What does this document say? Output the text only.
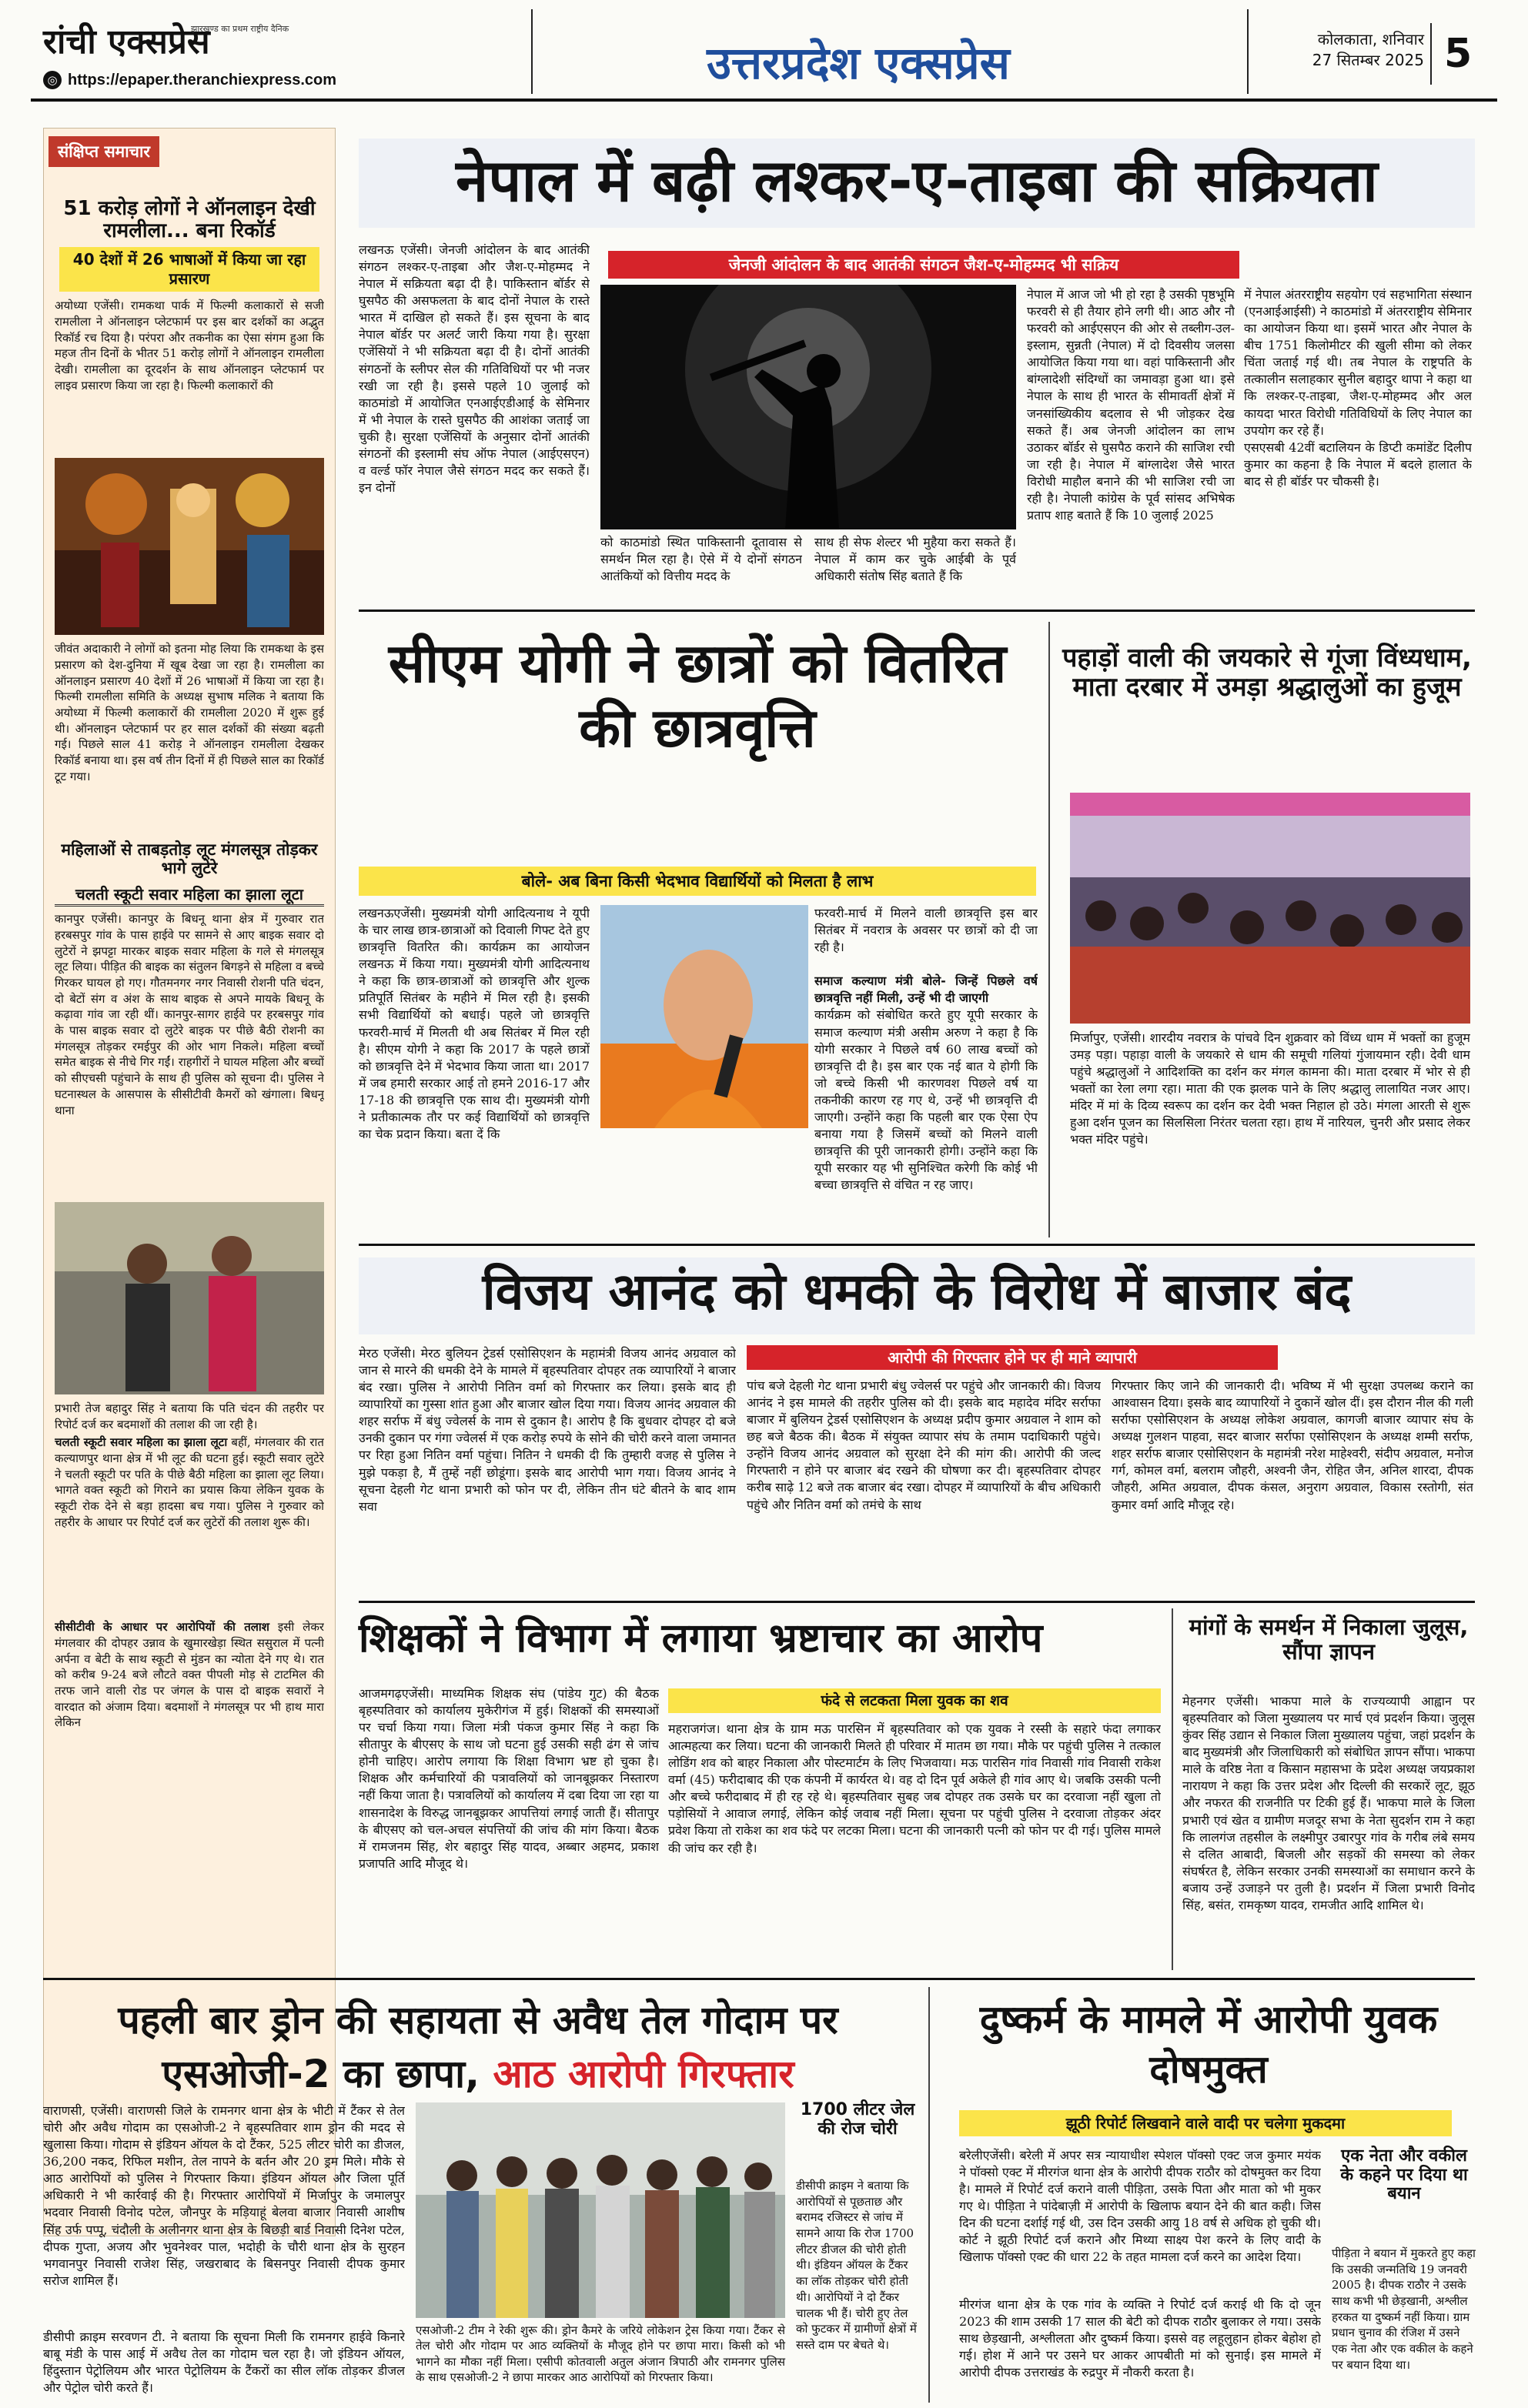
रांची एक्सप्रेस
झारखण्ड का प्रथम राष्ट्रीय दैनिक
◎ https://epaper.theranchiexpress.com	उत्तरप्रदेश एक्सप्रेस	कोलकाता, शनिवार
27 सितम्बर 2025 5
संक्षिप्त समाचार
51 करोड़ लोगों ने ऑनलाइन देखी रामलीला... बना रिकॉर्ड
40 देशों में 26 भाषाओं में किया जा रहा प्रसारण
अयोध्या एजेंसी। रामकथा पार्क में फिल्मी कलाकारों से सजी रामलीला ने ऑनलाइन प्लेटफार्म पर इस बार दर्शकों का अद्भुत रिकॉर्ड रच दिया है। परंपरा और तकनीक का ऐसा संगम हुआ कि महज तीन दिनों के भीतर 51 करोड़ लोगों ने ऑनलाइन रामलीला देखी। रामलीला का दूरदर्शन के साथ ऑनलाइन प्लेटफार्म पर लाइव प्रसारण किया जा रहा है। फिल्मी कलाकारों की
जीवंत अदाकारी ने लोगों को इतना मोह लिया कि रामकथा के इस प्रसारण को देश-दुनिया में खूब देखा जा रहा है। रामलीला का ऑनलाइन प्रसारण 40 देशों में 26 भाषाओं में किया जा रहा है। फिल्मी रामलीला समिति के अध्यक्ष सुभाष मलिक ने बताया कि अयोध्या में फिल्मी कलाकारों की रामलीला 2020 में शुरू हुई थी। ऑनलाइन प्लेटफार्म पर हर साल दर्शकों की संख्या बढ़ती गई। पिछले साल 41 करोड़ ने ऑनलाइन रामलीला देखकर रिकॉर्ड बनाया था। इस वर्ष तीन दिनों में ही पिछले साल का रिकॉर्ड टूट गया।
महिलाओं से ताबड़तोड़ लूट मंगलसूत्र तोड़कर भागे लुटेरे
चलती स्कूटी सवार महिला का झाला लूटा
कानपुर एजेंसी। कानपुर के बिधनू थाना क्षेत्र में गुरुवार रात हरबसपुर गांव के पास हाईवे पर सामने से आए बाइक सवार दो लुटेरों ने झपट्टा मारकर बाइक सवार महिला के गले से मंगलसूत्र लूट लिया। पीड़ित की बाइक का संतुलन बिगड़ने से महिला व बच्चे गिरकर घायल हो गए। गौतमनगर नगर निवासी रोशनी पति चंदन, दो बेटों संग व अंश के साथ बाइक से अपने मायके बिधनू के कढ़ावा गांव जा रही थीं। कानपुर-सागर हाईवे पर हरबसपुर गांव के पास बाइक सवार दो लुटेरे बाइक पर पीछे बैठी रोशनी का मंगलसूत्र तोड़कर रमईपुर की ओर भाग निकले। महिला बच्चों समेत बाइक से नीचे गिर गईं। राहगीरों ने घायल महिला और बच्चों को सीएचसी पहुंचाने के साथ ही पुलिस को सूचना दी। पुलिस ने घटनास्थल के आसपास के सीसीटीवी कैमरों को खंगाला। बिधनू थाना
प्रभारी तेज बहादुर सिंह ने बताया कि पति चंदन की तहरीर पर रिपोर्ट दर्ज कर बदमाशों की तलाश की जा रही है।
चलती स्कूटी सवार महिला का झाला लूटा बहीं, मंगलवार की रात कल्याणपुर थाना क्षेत्र में भी लूट की घटना हुई। स्कूटी सवार लुटेरे ने चलती स्कूटी पर पति के पीछे बैठी महिला का झाला लूट लिया। भागते वक्त स्कूटी को गिराने का प्रयास किया लेकिन युवक के स्कूटी रोक देने से बड़ा हादसा बच गया। पुलिस ने गुरुवार को तहरीर के आधार पर रिपोर्ट दर्ज कर लुटेरों की तलाश शुरू की।
सीसीटीवी के आधार पर आरोपियों की तलाश इसी लेकर मंगलवार की दोपहर उन्नाव के खुमारखेड़ा स्थित ससुराल में पत्नी अर्पना व बेटी के साथ स्कूटी से मुंडन का न्योता देने गए थे। रात को करीब 9-24 बजे लौटते वक्त पीपली मोड़ से टाटमिल की तरफ जाने वाली रोड पर जंगल के पास दो बाइक सवारों ने वारदात को अंजाम दिया। बदमाशों ने मंगलसूत्र पर भी हाथ मारा लेकिन
नेपाल में बढ़ी लश्कर-ए-ताइबा की सक्रियता
जेनजी आंदोलन के बाद आतंकी संगठन जैश-ए-मोहम्मद भी सक्रिय
लखनऊ एजेंसी। जेनजी आंदोलन के बाद आतंकी संगठन लश्कर-ए-ताइबा और जैश-ए-मोहम्मद ने नेपाल में सक्रियता बढ़ा दी है। पाकिस्तान बॉर्डर से घुसपैठ की असफलता के बाद दोनों नेपाल के रास्ते भारत में दाखिल हो सकते हैं। इस सूचना के बाद नेपाल बॉर्डर पर अलर्ट जारी किया गया है। सुरक्षा एजेंसियों ने भी सक्रियता बढ़ा दी है। दोनों आतंकी संगठनों के स्लीपर सेल की गतिविधियों पर भी नजर रखी जा रही है। इससे पहले 10 जुलाई को काठमांडो में आयोजित एनआईएडीआई के सेमिनार में भी नेपाल के रास्ते घुसपैठ की आशंका जताई जा चुकी है। सुरक्षा एजेंसियों के अनुसार दोनों आतंकी संगठनों की इस्लामी संघ ऑफ नेपाल (आईएसएन) व वर्ल्ड फॉर नेपाल जैसे संगठन मदद कर सकते हैं। इन दोनों
को काठमांडो स्थित पाकिस्तानी दूतावास से समर्थन मिल रहा है। ऐसे में ये दोनों संगठन आतंकियों को वित्तीय मदद के
साथ ही सेफ शेल्टर भी मुहैया करा सकते हैं। नेपाल में काम कर चुके आईबी के पूर्व अधिकारी संतोष सिंह बताते हैं कि
नेपाल में आज जो भी हो रहा है उसकी पृष्ठभूमि फरवरी से ही तैयार होने लगी थी। आठ और नौ फरवरी को आईएसएन की ओर से तब्लीग-उल-इस्लाम, सुन्नती (नेपाल) में दो दिवसीय जलसा आयोजित किया गया था। वहां पाकिस्तानी और बांग्लादेशी संदिग्धों का जमावड़ा हुआ था। इसे नेपाल के साथ ही भारत के सीमावर्ती क्षेत्रों में जनसांख्यिकीय बदलाव से भी जोड़कर देख सकते हैं। अब जेनजी आंदोलन का लाभ उठाकर बॉर्डर से घुसपैठ कराने की साजिश रची जा रही है। नेपाल में बांग्लादेश जैसे भारत विरोधी माहौल बनाने की भी साजिश रची जा रही है। नेपाली कांग्रेस के पूर्व सांसद अभिषेक प्रताप शाह बताते हैं कि 10 जुलाई 2025
में नेपाल अंतरराष्ट्रीय सहयोग एवं सहभागिता संस्थान (एनआईआईसी) ने काठमांडो में अंतरराष्ट्रीय सेमिनार का आयोजन किया था। इसमें भारत और नेपाल के बीच 1751 किलोमीटर की खुली सीमा को लेकर चिंता जताई गई थी। तब नेपाल के राष्ट्रपति के तत्कालीन सलाहकार सुनील बहादुर थापा ने कहा था कि लश्कर-ए-ताइबा, जैश-ए-मोहम्मद और अल कायदा भारत विरोधी गतिविधियों के लिए नेपाल का उपयोग कर रहे हैं।
एसएसबी 42वीं बटालियन के डिप्टी कमांडेंट दिलीप कुमार का कहना है कि नेपाल में बदले हालात के बाद से ही बॉर्डर पर चौकसी है।
सीएम योगी ने छात्रों को वितरित की छात्रवृत्ति
बोले- अब बिना किसी भेदभाव विद्यार्थियों को मिलता है लाभ
लखनऊएजेंसी। मुख्यमंत्री योगी आदित्यनाथ ने यूपी के चार लाख छात्र-छात्राओं को दिवाली गिफ्ट देते हुए छात्रवृत्ति वितरित की। कार्यक्रम का आयोजन लखनऊ में किया गया। मुख्यमंत्री योगी आदित्यनाथ ने कहा कि छात्र-छात्राओं को छात्रवृत्ति और शुल्क प्रतिपूर्ति सितंबर के महीने में मिल रही है। इसकी सभी विद्यार्थियों को बधाई। पहले जो छात्रवृत्ति फरवरी-मार्च में मिलती थी अब सितंबर में मिल रही है। सीएम योगी ने कहा कि 2017 के पहले छात्रों को छात्रवृत्ति देने में भेदभाव किया जाता था। 2017 में जब हमारी सरकार आई तो हमने 2016-17 और 17-18 की छात्रवृत्ति एक साथ दी। मुख्यमंत्री योगी ने प्रतीकात्मक तौर पर कई विद्यार्थियों को छात्रवृत्ति का चेक प्रदान किया। बता दें कि
फरवरी-मार्च में मिलने वाली छात्रवृत्ति इस बार सितंबर में नवरात्र के अवसर पर छात्रों को दी जा रही है।

समाज कल्याण मंत्री बोले- जिन्हें पिछले वर्ष छात्रवृत्ति नहीं मिली, उन्हें भी दी जाएगी
कार्यक्रम को संबोधित करते हुए यूपी सरकार के समाज कल्याण मंत्री असीम अरुण ने कहा है कि योगी सरकार ने पिछले वर्ष 60 लाख बच्चों को छात्रवृत्ति दी है। इस बार एक नई बात ये होगी कि जो बच्चे किसी भी कारणवश पिछले वर्ष या तकनीकी कारण रह गए थे, उन्हें भी छात्रवृत्ति दी जाएगी। उन्होंने कहा कि पहली बार एक ऐसा ऐप बनाया गया है जिसमें बच्चों को मिलने वाली छात्रवृत्ति की पूरी जानकारी होगी। उन्होंने कहा कि यूपी सरकार यह भी सुनिश्चित करेगी कि कोई भी बच्चा छात्रवृत्ति से वंचित न रह जाए।
पहाड़ों वाली की जयकारे से गूंजा विंध्यधाम, माता दरबार में उमड़ा श्रद्धालुओं का हुजूम
मिर्जापुर, एजेंसी। शारदीय नवरात्र के पांचवे दिन शुक्रवार को विंध्य धाम में भक्तों का हुजूम उमड़ पड़ा। पहाड़ा वाली के जयकारे से धाम की समूची गलियां गुंजायमान रही। देवी धाम पहुंचे श्रद्धालुओं ने आदिशक्ति का दर्शन कर मंगल कामना की। माता दरबार में भोर से ही भक्तों का रेला लगा रहा। माता की एक झलक पाने के लिए श्रद्धालु लालायित नजर आए। मंदिर में मां के दिव्य स्वरूप का दर्शन कर देवी भक्त निहाल हो उठे। मंगला आरती से शुरू हुआ दर्शन पूजन का सिलसिला निरंतर चलता रहा। हाथ में नारियल, चुनरी और प्रसाद लेकर भक्त मंदिर पहुंचे।
विजय आनंद को धमकी के विरोध में बाजार बंद
आरोपी की गिरफ्तार होने पर ही माने व्यापारी
मेरठ एजेंसी। मेरठ बुलियन ट्रेडर्स एसोसिएशन के महामंत्री विजय आनंद अग्रवाल को जान से मारने की धमकी देने के मामले में बृहस्पतिवार दोपहर तक व्यापारियों ने बाजार बंद रखा। पुलिस ने आरोपी नितिन वर्मा को गिरफ्तार कर लिया। इसके बाद ही व्यापारियों का गुस्सा शांत हुआ और बाजार खोल दिया गया। विजय आनंद अग्रवाल की शहर सर्राफ में बंधु ज्वेलर्स के नाम से दुकान है। आरोप है कि बुधवार दोपहर दो बजे उनकी दुकान पर गंगा ज्वेलर्स में एक करोड़ रुपये के सोने की चोरी करने वाला जमानत पर रिहा हुआ नितिन वर्मा पहुंचा। नितिन ने धमकी दी कि तुम्हारी वजह से पुलिस ने मुझे पकड़ा है, मैं तुम्हें नहीं छोडूंगा। इसके बाद आरोपी भाग गया। विजय आनंद ने सूचना देहली गेट थाना प्रभारी को फोन पर दी, लेकिन तीन घंटे बीतने के बाद शाम सवा
पांच बजे देहली गेट थाना प्रभारी बंधु ज्वेलर्स पर पहुंचे और जानकारी की। विजय आनंद ने इस मामले की तहरीर पुलिस को दी। इसके बाद महादेव मंदिर सर्राफा बाजार में बुलियन ट्रेडर्स एसोसिएशन के अध्यक्ष प्रदीप कुमार अग्रवाल ने शाम को छह बजे बैठक की। बैठक में संयुक्त व्यापार संघ के तमाम पदाधिकारी पहुंचे। उन्होंने विजय आनंद अग्रवाल को सुरक्षा देने की मांग की। आरोपी की जल्द गिरफ्तारी न होने पर बाजार बंद रखने की घोषणा कर दी। बृहस्पतिवार दोपहर करीब साढ़े 12 बजे तक बाजार बंद रखा। दोपहर में व्यापारियों के बीच अधिकारी पहुंचे और नितिन वर्मा को तमंचे के साथ
गिरफ्तार किए जाने की जानकारी दी। भविष्य में भी सुरक्षा उपलब्ध कराने का आश्वासन दिया। इसके बाद व्यापारियों ने दुकानें खोल दीं। इस दौरान नील की गली सर्राफा एसोसिएशन के अध्यक्ष लोकेश अग्रवाल, कागजी बाजार व्यापार संघ के अध्यक्ष गुलशन पाहवा, सदर बाजार सर्राफा एसोसिएशन के अध्यक्ष शम्मी सर्राफ, शहर सर्राफ बाजार एसोसिएशन के महामंत्री नरेश माहेश्वरी, संदीप अग्रवाल, मनोज गर्ग, कोमल वर्मा, बलराम जौहरी, अश्वनी जैन, रोहित जैन, अनिल शारदा, दीपक जौहरी, अमित अग्रवाल, दीपक कंसल, अनुराग अग्रवाल, विकास रस्तोगी, संत कुमार वर्मा आदि मौजूद रहे।
शिक्षकों ने विभाग में लगाया भ्रष्टाचार का आरोप
आजमगढ़एजेंसी। माध्यमिक शिक्षक संघ (पांडेय गुट) की बैठक बृहस्पतिवार को कार्यालय मुकेरीगंज में हुई। शिक्षकों की समस्याओं पर चर्चा किया गया। जिला मंत्री पंकज कुमार सिंह ने कहा कि सीतापुर के बीएसए के साथ जो घटना हुई उसकी सही ढंग से जांच होनी चाहिए। आरोप लगाया कि शिक्षा विभाग भ्रष्ट हो चुका है। शिक्षक और कर्मचारियों की पत्रावलियों को जानबूझकर निस्तारण नहीं किया जाता है। पत्रावलियों को कार्यालय में दबा दिया जा रहा या शासनादेश के विरुद्ध जानबूझकर आपत्तियां लगाई जाती हैं। सीतापुर के बीएसए को चल-अचल संपत्तियों की जांच की मांग किया। बैठक में रामजनम सिंह, शेर बहादुर सिंह यादव, अब्बार अहमद, प्रकाश प्रजापति आदि मौजूद थे।
फंदे से लटकता मिला युवक का शव
महराजगंज। थाना क्षेत्र के ग्राम मऊ पारसिन में बृहस्पतिवार को एक युवक ने रस्सी के सहारे फंदा लगाकर आत्महत्या कर लिया। घटना की जानकारी मिलते ही परिवार में मातम छा गया। मौके पर पहुंची पुलिस ने तत्काल लोडिंग शव को बाहर निकाला और पोस्टमार्टम के लिए भिजवाया। मऊ पारसिन गांव निवासी गांव निवासी राकेश वर्मा (45) फरीदाबाद की एक कंपनी में कार्यरत थे। वह दो दिन पूर्व अकेले ही गांव आए थे। जबकि उसकी पत्नी और बच्चे फरीदाबाद में ही रह रहे थे। बृहस्पतिवार सुबह जब दोपहर तक उसके घर का दरवाजा नहीं खुला तो पड़ोसियों ने आवाज लगाई, लेकिन कोई जवाब नहीं मिला। सूचना पर पहुंची पुलिस ने दरवाजा तोड़कर अंदर प्रवेश किया तो राकेश का शव फंदे पर लटका मिला। घटना की जानकारी पत्नी को फोन पर दी गई। पुलिस मामले की जांच कर रही है।
मांगों के समर्थन में निकाला जुलूस, सौंपा ज्ञापन
मेहनगर एजेंसी। भाकपा माले के राज्यव्यापी आह्वान पर बृहस्पतिवार को जिला मुख्यालय पर मार्च एवं प्रदर्शन किया। जुलूस कुंवर सिंह उद्यान से निकाल जिला मुख्यालय पहुंचा, जहां प्रदर्शन के बाद मुख्यमंत्री और जिलाधिकारी को संबोधित ज्ञापन सौंपा। भाकपा माले के वरिष्ठ नेता व किसान महासभा के प्रदेश अध्यक्ष जयप्रकाश नारायण ने कहा कि उत्तर प्रदेश और दिल्ली की सरकारें लूट, झूठ और नफरत की राजनीति पर टिकी हुई हैं। भाकपा माले के जिला प्रभारी एवं खेत व ग्रामीण मजदूर सभा के नेता सुदर्शन राम ने कहा कि लालगंज तहसील के लक्ष्मीपुर उबारपुर गांव के गरीब लंबे समय से दलित आबादी, बिजली और सड़कों की समस्या को लेकर संघर्षरत है, लेकिन सरकार उनकी समस्याओं का समाधान करने के बजाय उन्हें उजाड़ने पर तुली है। प्रदर्शन में जिला प्रभारी विनोद सिंह, बसंत, रामकृष्ण यादव, रामजीत आदि शामिल थे।
पहली बार ड्रोन की सहायता से अवैध तेल गोदाम पर एसओजी-2 का छापा, आठ आरोपी गिरफ्तार
वाराणसी, एजेंसी। वाराणसी जिले के रामनगर थाना क्षेत्र के भीटी में टैंकर से तेल चोरी और अवैध गोदाम का एसओजी-2 ने बृहस्पतिवार शाम ड्रोन की मदद से खुलासा किया। गोदाम से इंडियन ऑयल के दो टैंकर, 525 लीटर चोरी का डीजल, 36,200 नकद, रिफिल मशीन, तेल नापने के बर्तन और 20 ड्रम मिले। मौके से आठ आरोपियों को पुलिस ने गिरफ्तार किया। इंडियन ऑयल और जिला पूर्ति अधिकारी ने भी कार्रवाई की है। गिरफ्तार आरोपियों में मिर्जापुर के जमालपुर भदवार निवासी विनोद पटेल, जौनपुर के मड़ियाहूं बेलवा बाजार निवासी आशीष सिंह उर्फ पप्पू, चंदौली के अलीनगर थाना क्षेत्र के बिछड़ी बार्ड निवासी दिनेश पटेल, दीपक गुप्ता, अजय और भुवनेश्वर पाल, भदोही के चौरी थाना क्षेत्र के सुरहन भगवानपुर निवासी राजेश सिंह, जखराबाद के बिसनपुर निवासी दीपक कुमार सरोज शामिल हैं।
डीसीपी क्राइम सरवणन टी. ने बताया कि सूचना मिली कि रामनगर हाईवे किनारे बाबू मंडी के पास आई में अवैध तेल का गोदाम चल रहा है। जो इंडियन ऑयल, हिंदुस्तान पेट्रोलियम और भारत पेट्रोलियम के टैंकरों का सील लॉक तोड़कर डीजल और पेट्रोल चोरी करते हैं।
एसओजी-2 टीम ने रेकी शुरू की। ड्रोन कैमरे के जरिये लोकेशन ट्रेस किया गया। टैंकर से तेल चोरी और गोदाम पर आठ व्यक्तियों के मौजूद होने पर छापा मारा। किसी को भी भागने का मौका नहीं मिला। एसीपी कोतवाली अतुल अंजान त्रिपाठी और रामनगर पुलिस के साथ एसओजी-2 ने छापा मारकर आठ आरोपियों को गिरफ्तार किया।
1700 लीटर जेल की रोज चोरी
डीसीपी क्राइम ने बताया कि आरोपियों से पूछताछ और बरामद रजिस्टर से जांच में सामने आया कि रोज 1700 लीटर डीजल की चोरी होती थी। इंडियन ऑयल के टैंकर का लॉक तोड़कर चोरी होती थी। आरोपियों ने दो टैंकर चालक भी हैं। चोरी हुए तेल को फुटकर में ग्रामीणों क्षेत्रों में सस्ते दाम पर बेचते थे।
दुष्कर्म के मामले में आरोपी युवक दोषमुक्त
झूठी रिपोर्ट लिखवाने वाले वादी पर चलेगा मुकदमा
बरेलीएजेंसी। बरेली में अपर सत्र न्यायाधीश स्पेशल पॉक्सो एक्ट जज कुमार मयंक ने पॉक्सो एक्ट में मीरगंज थाना क्षेत्र के आरोपी दीपक राठौर को दोषमुक्त कर दिया है। मामले में रिपोर्ट दर्ज कराने वाली पीड़िता, उसके पिता और माता को भी मुकर गए थे। पीड़िता ने पांदेबाज़ी में आरोपी के खिलाफ बयान देने की बात कही। जिस दिन की घटना दर्शाई गई थी, उस दिन उसकी आयु 18 वर्ष से अधिक हो चुकी थी। कोर्ट ने झूठी रिपोर्ट दर्ज कराने और मिथ्या साक्ष्य पेश करने के लिए वादी के खिलाफ पॉक्सो एक्ट की धारा 22 के तहत मामला दर्ज करने का आदेश दिया।
मीरगंज थाना क्षेत्र के एक गांव के व्यक्ति ने रिपोर्ट दर्ज कराई थी कि दो जून 2023 की शाम उसकी 17 साल की बेटी को दीपक राठौर बुलाकर ले गया। उसके साथ छेड़खानी, अश्लीलता और दुष्कर्म किया। इससे वह लहूलुहान होकर बेहोश हो गई। होश में आने पर उसने घर आकर आपबीती मां को सुनाई। इस मामले में आरोपी दीपक उत्तराखंड के रुद्रपुर में नौकरी करता है।
एक नेता और वकील के कहने पर दिया था बयान
पीड़िता ने बयान में मुकरते हुए कहा कि उसकी जन्मतिथि 19 जनवरी 2005 है। दीपक राठौर ने उसके साथ कभी भी छेड़खानी, अश्लील हरकत या दुष्कर्म नहीं किया। ग्राम प्रधान चुनाव की रंजिश में उसने एक नेता और एक वकील के कहने पर बयान दिया था।
